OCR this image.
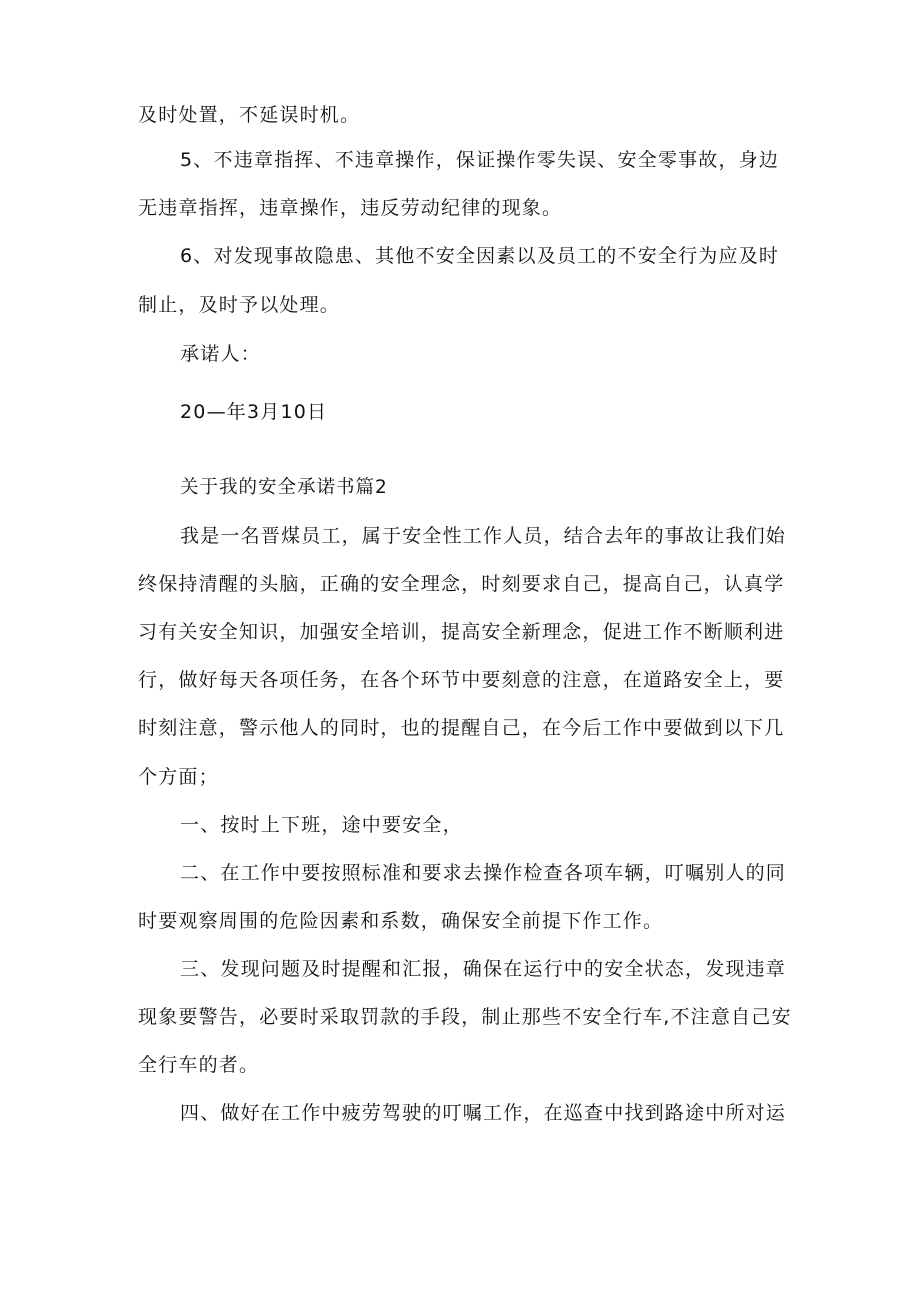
及时处置，不延误时机。
5、不违章指挥、不违章操作，保证操作零失误、安全零事故，身边
无违章指挥，违章操作，违反劳动纪律的现象。
6、对发现事故隐患、其他不安全因素以及员工的不安全行为应及时
制止，及时予以处理。
承诺人：
20—年3月10日
关于我的安全承诺书篇2
我是一名晋煤员工，属于安全性工作人员，结合去年的事故让我们始
终保持清醒的头脑，正确的安全理念，时刻要求自己，提高自己，认真学
习有关安全知识，加强安全培训，提高安全新理念，促进工作不断顺利进
行，做好每天各项任务，在各个环节中要刻意的注意，在道路安全上，要
时刻注意，警示他人的同时，也的提醒自己，在今后工作中要做到以下几
个方面；
一、按时上下班，途中要安全，
二、在工作中要按照标准和要求去操作检查各项车辆，叮嘱别人的同
时要观察周围的危险因素和系数，确保安全前提下作工作。
三、发现问题及时提醒和汇报，确保在运行中的安全状态，发现违章
现象要警告，必要时采取罚款的手段，制止那些不安全行车,不注意自己安
全行车的者。
四、做好在工作中疲劳驾驶的叮嘱工作，在巡查中找到路途中所对运
